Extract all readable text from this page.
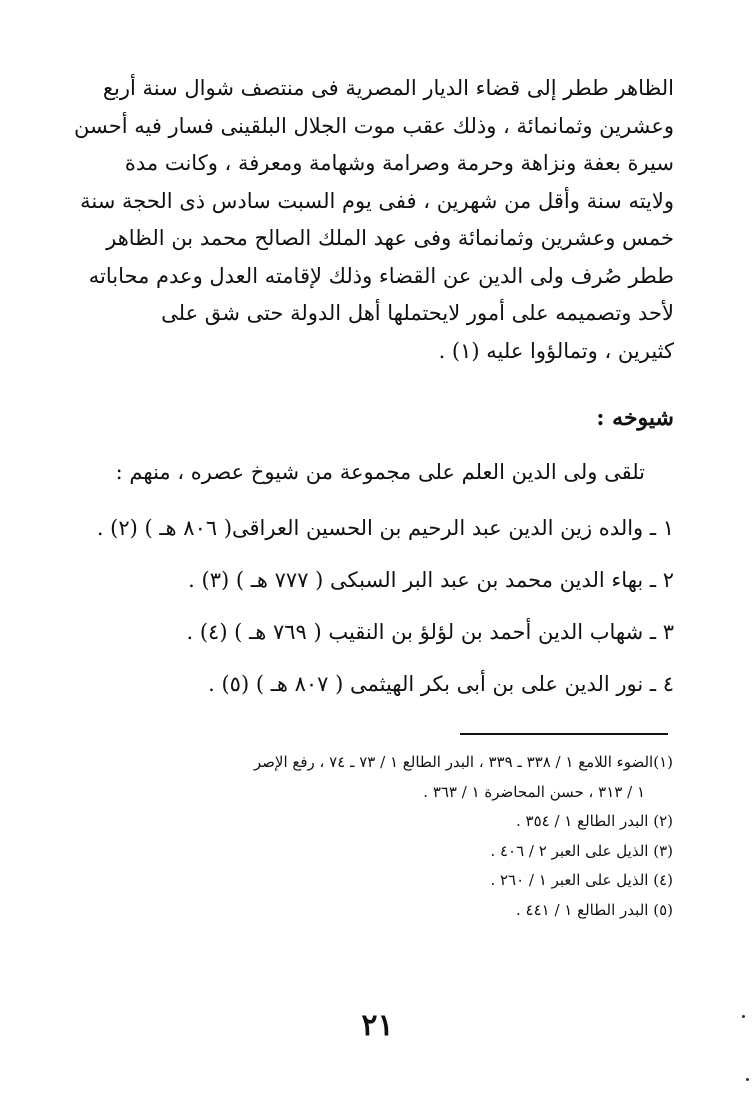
الظاهر ططر إلى قضاء الديار المصرية فى منتصف شوال سنة أربع
وعشرين وثمانمائة ، وذلك عقب موت الجلال البلقينى فسار فيه أحسن
سيرة بعفة ونزاهة وحرمة وصرامة وشهامة ومعرفة ، وكانت مدة
ولايته سنة وأقل من شهرين ، ففى يوم السبت سادس ذى الحجة سنة
خمس وعشرين وثمانمائة وفى عهد الملك الصالح محمد بن الظاهر
ططر صُرف ولى الدين عن القضاء وذلك لإقامته العدل وعدم محاباته
لأحد وتصميمه على أمور لايحتملها أهل الدولة حتى شق على
كثيرين ، وتمالؤوا عليه (١) .

شيوخه :

تلقى ولى الدين العلم على مجموعة من شيوخ عصره ، منهم :

١ ـ والده زين الدين عبد الرحيم بن الحسين العراقى( ٨٠٦ هـ ) (٢) .
٢ ـ بهاء الدين محمد بن عبد البر السبكى ( ٧٧٧ هـ ) (٣) .
٣ ـ شهاب الدين أحمد بن لؤلؤ بن النقيب ( ٧٦٩ هـ ) (٤) .
٤ ـ نور الدين على بن أبى بكر الهيثمى ( ٨٠٧ هـ ) (٥) .
(١)الضوء اللامع ١ / ٣٣٨ ـ ٣٣٩ ، البدر الطالع ١ / ٧٣ ـ ٧٤ ، رفع الإصر
١ / ٣١٣ ، حسن المحاضرة ١ / ٣٦٣ .
(٢) البدر الطالع ١ / ٣٥٤ .
(٣) الذيل على العبر ٢ / ٤٠٦ .
(٤) الذيل على العبر ١ / ٢٦٠ .
(٥) البدر الطالع ١ / ٤٤١ .
٢١
